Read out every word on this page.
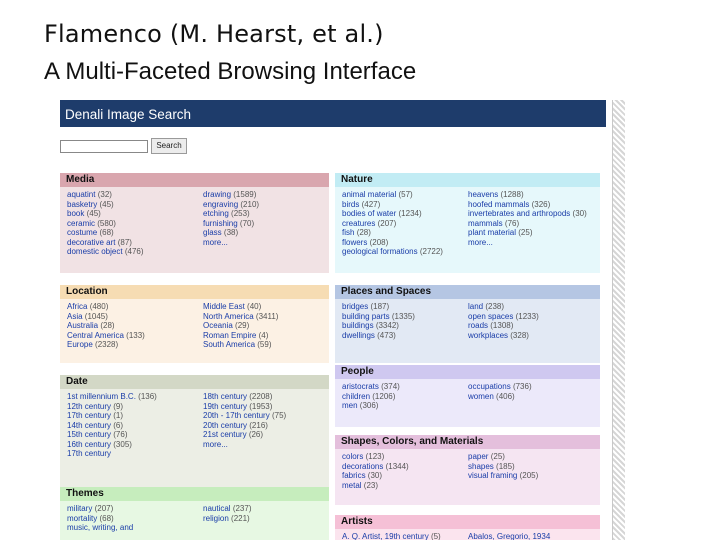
Flamenco (M. Hearst, et al.)
A Multi-Faceted Browsing Interface
Denali Image Search
Search
Media
aquatint (32)
basketry (45)
book (45)
ceramic (580)
costume (68)
decorative art (87)
domestic object (476)
drawing (1589)
engraving (210)
etching (253)
furnishing (70)
glass (38)
more...
Nature
animal material (57)
birds (427)
bodies of water (1234)
creatures (207)
fish (28)
flowers (208)
geological formations (2722)
heavens (1288)
hoofed mammals (326)
invertebrates and arthropods (30)
mammals (76)
plant material (25)
more...
Location
Africa (480)
Asia (1045)
Australia (28)
Central America (133)
Europe (2328)
Middle East (40)
North America (3411)
Oceania (29)
Roman Empire (4)
South America (59)
Places and Spaces
bridges (187)
building parts (1335)
buildings (3342)
dwellings (473)
land (238)
open spaces (1233)
roads (1308)
workplaces (328)
Date
1st millennium B.C. (136)
12th century (9)
17th century (1)
14th century (6)
15th century (76)
16th century (305)
17th century
18th century (2208)
19th century (1953)
20th - 17th century (75)
20th century (216)
21st century (26)
more...
People
aristocrats (374)
children (1206)
men (306)
occupations (736)
women (406)
Shapes, Colors, and Materials
colors (123)
decorations (1344)
fabrics (30)
metal (23)
paper (25)
shapes (185)
visual framing (205)
Themes
military (207)
mortality (68)
music, writing, and
nautical (237)
religion (221)	Artists
A. Q. Artist, 19th century (5)	Abalos, Gregorio, 1934
